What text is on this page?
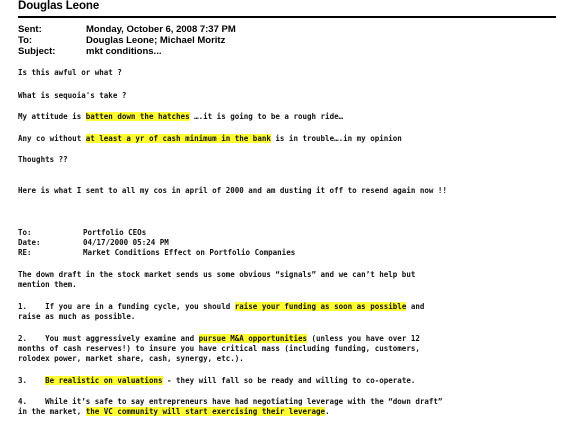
Douglas Leone
Sent:	Monday, October 6, 2008 7:37 PM
To:	Douglas Leone; Michael Moritz
Subject:	mkt conditions...
Is this awful or what ?
What is sequoia's take ?
My attitude is batten down the hatches ….it is going to be a rough ride…
Any co without at least a yr of cash minimum in the bank is in trouble….in my opinion
Thoughts ??
Here is what I sent to all my cos in april of 2000 and am dusting it off to resend again now !!
To:	Portfolio CEOs
Date:	04/17/2000 05:24 PM
RE:	Market Conditions Effect on Portfolio Companies
The down draft in the stock market sends us some obvious “signals” and we can’t help but
mention them.
1.    If you are in a funding cycle, you should raise your funding as soon as possible and
raise as much as possible.
2.    You must aggressively examine and pursue M&A opportunities (unless you have over 12
months of cash reserves!) to insure you have critical mass (including funding, customers,
rolodex power, market share, cash, synergy, etc.).
3.    Be realistic on valuations - they will fall so be ready and willing to co-operate.
4.    While it’s safe to say entrepreneurs have had negotiating leverage with the “down draft”
in the market, the VC community will start exercising their leverage.
